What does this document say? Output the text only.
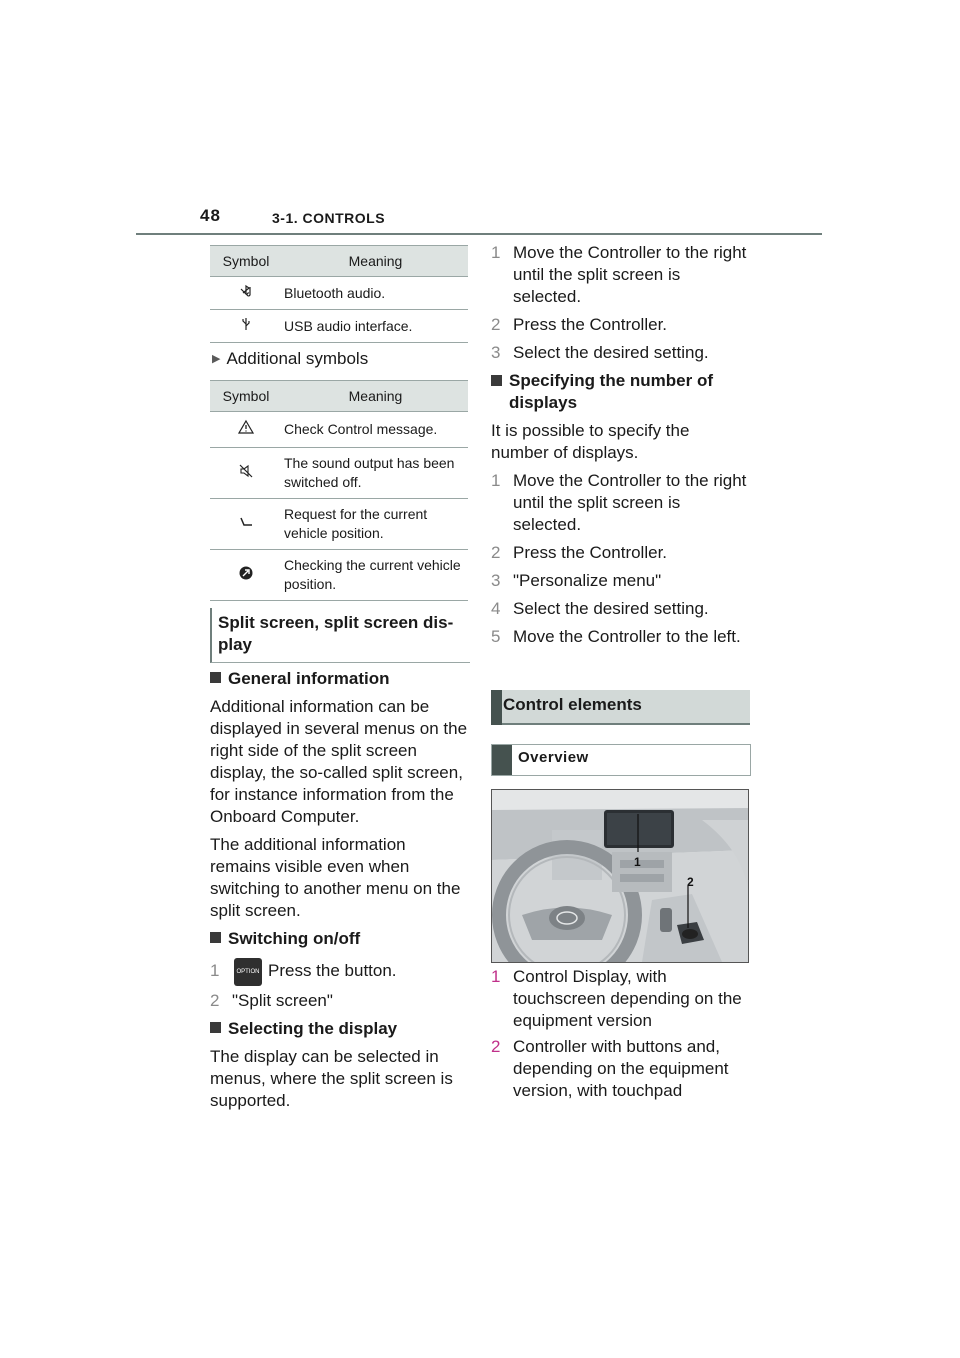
48	3-1. CONTROLS
Symbol	Meaning
	Bluetooth audio.
	USB audio interface.
▶ Additional symbols
Symbol	Meaning
	Check Control message.
	The sound output has been switched off.
	Request for the current vehicle position.
	Checking the current vehicle position.
Split screen, split screen dis-
play

General information

Additional information can be displayed in several menus on the right side of the split screen display, the so-called split screen, for instance information from the Onboard Computer.

The additional information remains visible even when switching to another menu on the split screen.

Switching on/off

1	OPTION Press the button.
2 "Split screen"

Selecting the display

The display can be selected in menus, where the split screen is supported.

1 Move the Controller to the right until the split screen is selected.
2 Press the Controller.
3 Select the desired setting.
Specifying the number of displays

It is possible to specify the number of displays.

1 Move the Controller to the right until the split screen is selected.
2 Press the Controller.
3 "Personalize menu"
4 Select the desired setting.
5 Move the Controller to the left.
Control elements
Overview
1
2
1 Control Display, with touchscreen depending on the equipment version
2 Controller with buttons and, depending on the equipment version, with touchpad
